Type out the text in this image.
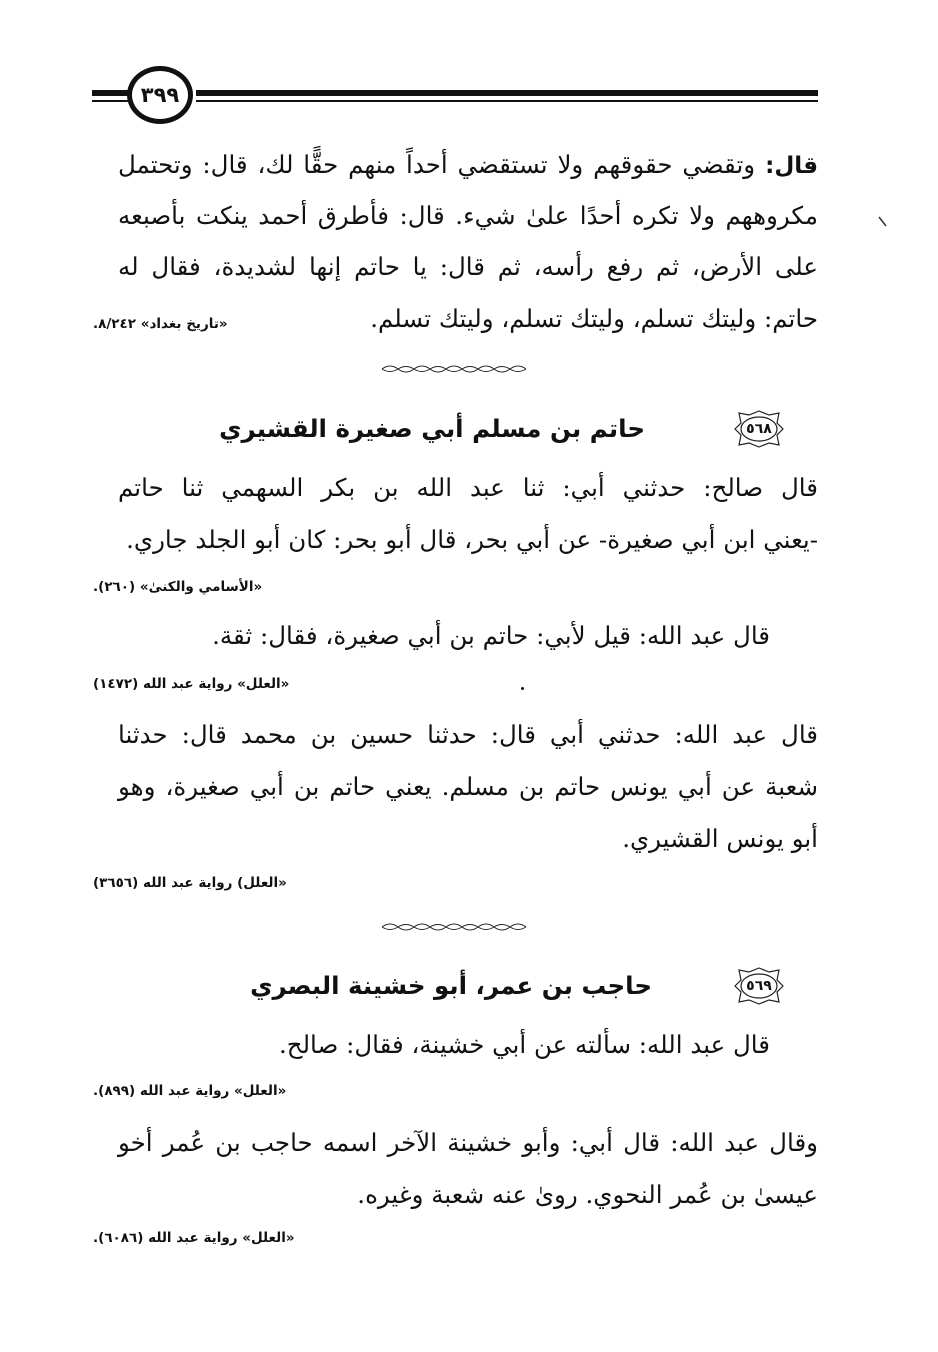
٣٩٩
قال: وتقضي حقوقهم ولا تستقضي أحداً منهم حقًّا لك، قال: وتحتمل
مكروههم ولا تكره أحدًا علىٰ شيء. قال: فأطرق أحمد ينكت بأصبعه
على الأرض، ثم رفع رأسه، ثم قال: يا حاتم إنها لشديدة، فقال له
حاتم: وليتك تسلم، وليتك تسلم، وليتك تسلم.
«تاريخ بغداد» ٨/٢٤٢.
٥٦٨
حاتم بن مسلم أبي صغيرة القشيري
قال صالح: حدثني أبي: ثنا عبد الله بن بكر السهمي ثنا حاتم
-يعني ابن أبي صغيرة- عن أبي بحر، قال أبو بحر: كان أبو الجلد جاري.
«الأسامي والكنىٰ» (٢٦٠).
قال عبد الله: قيل لأبي: حاتم بن أبي صغيرة، فقال: ثقة.
«العلل» رواية عبد الله (١٤٧٢)
قال عبد الله: حدثني أبي قال: حدثنا حسين بن محمد قال: حدثنا
شعبة عن أبي يونس حاتم بن مسلم. يعني حاتم بن أبي صغيرة، وهو
أبو يونس القشيري.
«العلل) رواية عبد الله (٣٦٥٦)
٥٦٩
حاجب بن عمر، أبو خشينة البصري
قال عبد الله: سألته عن أبي خشينة، فقال: صالح.
«العلل» رواية عبد الله (٨٩٩).
وقال عبد الله: قال أبي: وأبو خشينة الآخر اسمه حاجب بن عُمر أخو
عيسىٰ بن عُمر النحوي. روىٰ عنه شعبة وغيره.
«العلل» رواية عبد الله (٦٠٨٦).
